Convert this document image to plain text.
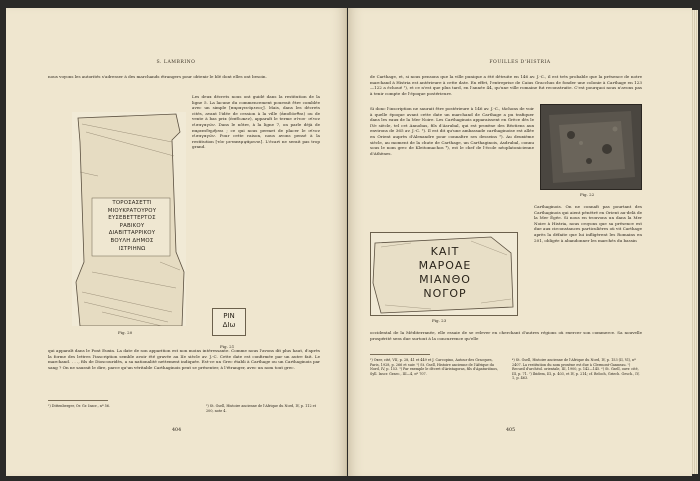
S. LAMBRINO

nous voyons les autorités s'adresser à des marchands étrangers pour obtenir le blé dont elles ont besoin.

Les deux décrets nous ont guidé dans la restitution de la ligne 5. La lacune du commencement pourrait être comblée avec un simple [παραγενόμενος]. Mais, dans les décrets cités, avant l'idée de cession à la ville (ἀποδόσθαι) ou de vente à bas prix (ἐπέδωκεν), apparaît le terme σίτου· σίτον εἰσαγαγών. Dans le nôtre, à la ligne 7, on parle déjà de παρεπιδημῆσαι ; ce qui nous permet de placer le σίτον εἰσαγαγών. Pour cette raison, nous avons pensé à la restitution [τὸν μεταπεμψάμενοι]. L'écart ne serait pas trop grand.

ΤΟΡΟΣΑΣΕΤΤΙ
ΜΙΟΥΚΡΑΤΟΥΡΟΥ
ΕΥΣΕΒΕΤΤΕΡΤΟΣ
ΡΑΒΙΚΟΥ
ΔΙΑΒΙΤΤΑΡΡΙΚΟΥ
ΒΟΥΛΗ ΔΗΜΟΣ
ΙΣΤΡΙΗΝΩ
Fig. 20
ΡΙΝ
ΔΙω
Fig. 21

qui apparaît dans le Pont Euxin. La date de son apparition est non moins intéressante. Comme nous l'avons dit plus haut, d'après la forme des lettres l'inscription semble avoir été gravée au IIe siècle av. J.-C. Cette date est confirmée par un autre fait. Le marchand. . . ., fils de Dioscouridès, a sa nationalité nettement indiquée. Est-ce un Grec établi à Carthage ou un Carthaginois par sang ? On ne saurait le dire, parce qu'un véritable Carthaginois peut se présenter, à l'étranger, avec un nom tout grec.

¹) Dittenberger, Or. Gr. Inscr., nº 56.	²) St. Gsell, Histoire ancienne de l'Afrique du Nord, IV, p. 112 et 200, note 4.
404
FOUILLES D'HISTRIA

de Carthage, et, si nous pensons que la ville punique a été détruite en 146 av. J.-C., il est très probable que la présence de notre marchand à Histria est antérieure à cette date. En effet, l'entreprise de Caius Gracchus de fonder une colonie à Carthage en 123—122 a échoué ¹), et ce n'est que plus tard, en l'année 44, qu'une ville romaine fut reconstruite. C'est pourquoi nous n'avons pas à tenir compte de l'époque postérieure.

Fig. 22

Si donc l'inscription ne saurait être postérieure à 146 av. J.-C., tâchons de voir à quelle époque avant cette date un marchand de Carthage a pu trafiquer dans les eaux de la Mer Noire. Les Carthaginois apparaissent en Grèce dès le IVe siècle, tel cet Annobas, fils d'Asrubal, qui est proxène des Béotiens aux environs de 365 av. J.-C. ²). Il est dit qu'une ambassade carthaginoise est allée en Orient auprès d'Alexandre pour connaître ses desseins ³). Au deuxième siècle, au moment de la chute de Carthage, un Carthaginois, Asdrubal, connu sous le nom grec de Kleitomachos ⁴), est le chef de l'école néoplatonicienne d'Athènes.

ΚΑΙΤ
ΜΑΡΟΑΕ
ΜΙΑΝΘΟ
ΝΟΓΟΡ
Fig. 23

Carthaginois. On ne connaît pas pourtant des Carthaginois qui aient pénétré en Orient au-delà de la Mer Égée. Si nous en trouvons un dans la Mer Noire à Histria, nous croyons que sa présence est due aux circonstances particulières où vit Carthage après la défaite que lui infligèrent les Romains en 201, obligée à abandonner les marchés du bassin

occidental de la Méditerranée, elle essaie de se relever en cherchant d'autres régions où exercer son commerce. Sa nouvelle prospérité sera due surtout à la concurrence qu'elle

¹) Oxer, cité, VII, p. 28, 41 et 449 et J. Carcopino, Autour des Gracques, Paris, 1928, p. 266 et suiv. ²) St. Gsell, Histoire ancienne de l'Afrique du Nord, IV, p. 153. ³) Par exemple le décret d'Aristagoras, fils d'Apaturiōnos, Syll. Inscr. Graec., III—4, nº 707.
⁴) St. Gsell, Histoire ancienne de l'Afrique du Nord, IV, p. 153 (II, VI), nº 2407. La restitution du nom proxène est due à Clermont-Ganneau. ⁵) Recueil d'archéol. orientale, III, 1900, p. 142—145. ⁶) St. Gsell, ouvr. cité, III, p. 71. ⁷) Ibidem, III, p. 403, et IV, p. 214; cf. Beloch, Griech. Gesch., IV, 1, p. 463.
405
